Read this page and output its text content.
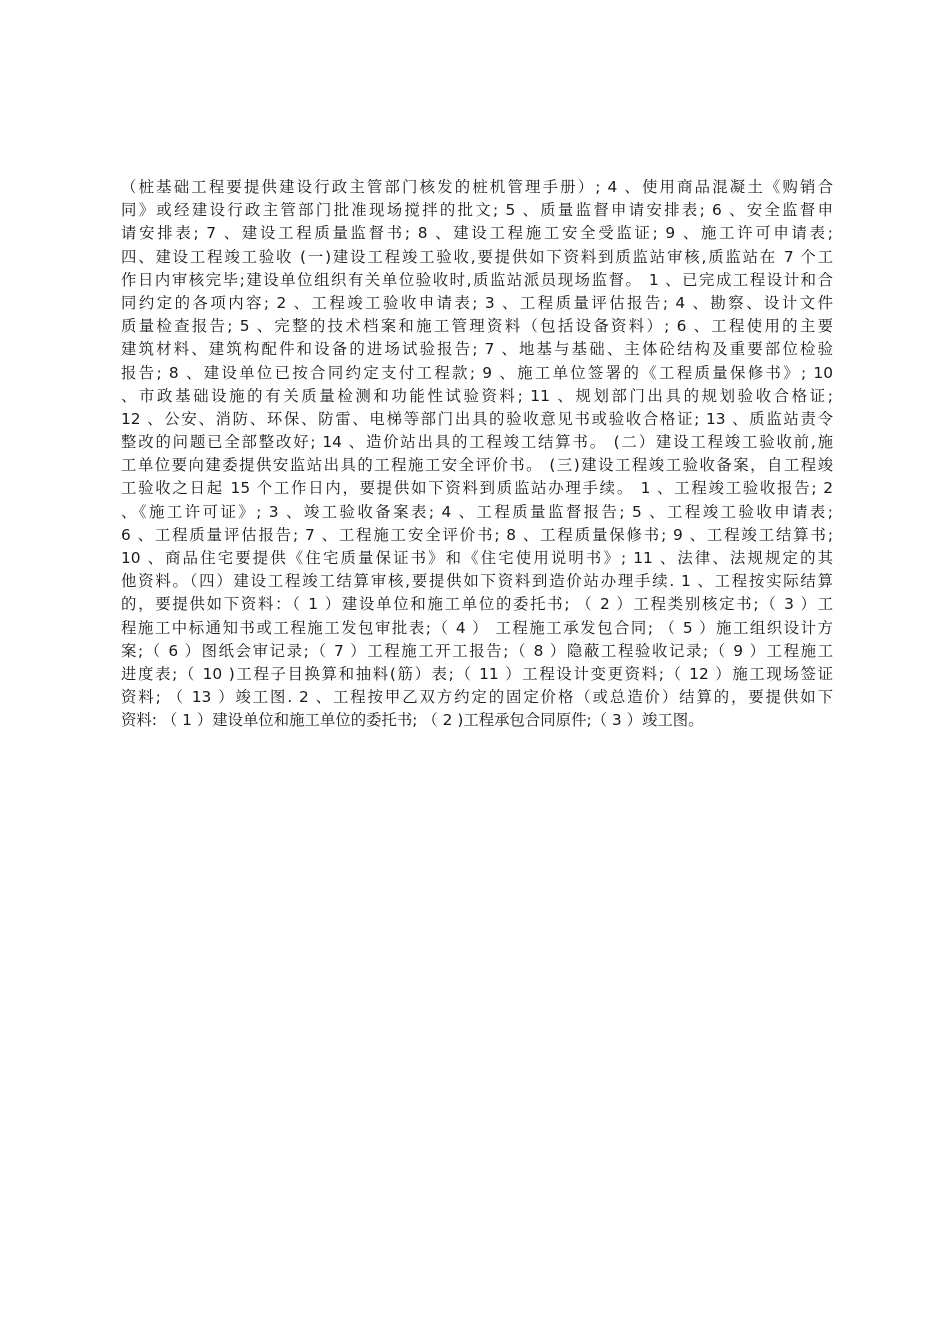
（桩基础工程要提供建设行政主管部门核发的桩机管理手册）; 4 、使用商品混凝土《购销合
同》或经建设行政主管部门批准现场搅拌的批文; 5 、质量监督申请安排表; 6 、安全监督申
请安排表; 7 、建设工程质量监督书; 8 、建设工程施工安全受监证; 9 、施工许可申请表;
四、建设工程竣工验收 (一)建设工程竣工验收,要提供如下资料到质监站审核,质监站在 7 个工
作日内审核完毕;建设单位组织有关单位验收时,质监站派员现场监督。 1 、已完成工程设计和合
同约定的各项内容; 2 、工程竣工验收申请表; 3 、工程质量评估报告; 4 、勘察、设计文件
质量检查报告; 5 、完整的技术档案和施工管理资料（包括设备资料）; 6 、工程使用的主要
建筑材料、建筑构配件和设备的进场试验报告; 7 、地基与基础、主体砼结构及重要部位检验
报告; 8 、建设单位已按合同约定支付工程款; 9 、施工单位签署的《工程质量保修书》; 10
、市政基础设施的有关质量检测和功能性试验资料; 11 、规划部门出具的规划验收合格证;
12 、公安、消防、环保、防雷、电梯等部门出具的验收意见书或验收合格证; 13 、质监站责令
整改的问题已全部整改好; 14 、造价站出具的工程竣工结算书。 (二）建设工程竣工验收前,施
工单位要向建委提供安监站出具的工程施工安全评价书。 (三)建设工程竣工验收备案，自工程竣
工验收之日起 15 个工作日内，要提供如下资料到质监站办理手续。 1 、工程竣工验收报告; 2
、《施工许可证》; 3 、竣工验收备案表; 4 、工程质量监督报告; 5 、工程竣工验收申请表;
6 、工程质量评估报告; 7 、工程施工安全评价书; 8 、工程质量保修书; 9 、工程竣工结算书;
10 、商品住宅要提供《住宅质量保证书》和《住宅使用说明书》; 11 、法律、法规规定的其
他资料。（四）建设工程竣工结算审核,要提供如下资料到造价站办理手续. 1 、工程按实际结算
的，要提供如下资料：（ 1 ）建设单位和施工单位的委托书; （ 2 ）工程类别核定书;（ 3 ）工
程施工中标通知书或工程施工发包审批表;（ 4 ） 工程施工承发包合同; （ 5 ）施工组织设计方
案;（ 6 ）图纸会审记录;（ 7 ）工程施工开工报告;（ 8 ）隐蔽工程验收记录;（ 9 ）工程施工
进度表;（ 10 )工程子目换算和抽料(筋）表;（ 11 ）工程设计变更资料;（ 12 ）施工现场签证
资料; （ 13 ）竣工图. 2 、工程按甲乙双方约定的固定价格（或总造价）结算的，要提供如下
资料: （ 1 ）建设单位和施工单位的委托书; （ 2 )工程承包合同原件;（ 3 ）竣工图。
